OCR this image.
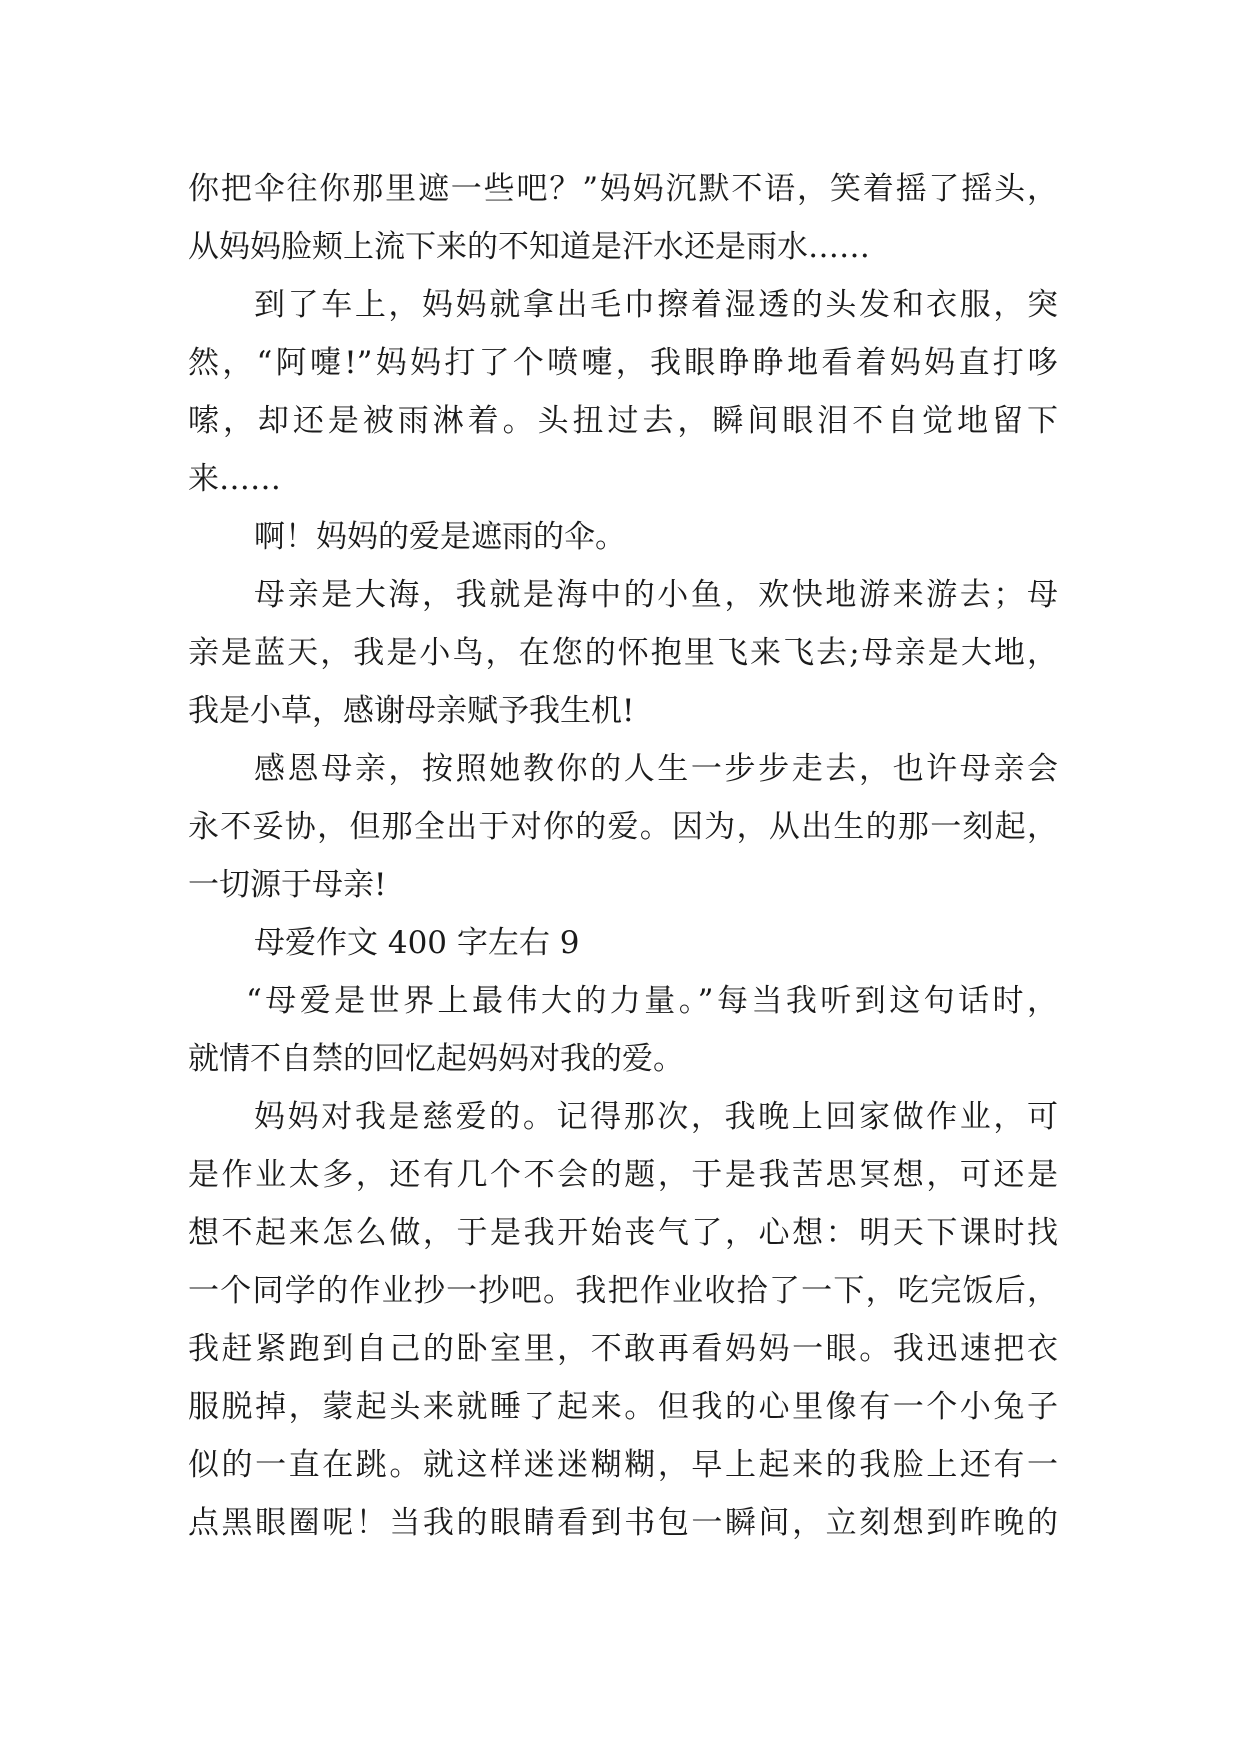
你把伞往你那里遮一些吧？”妈妈沉默不语，笑着摇了摇头，
从妈妈脸颊上流下来的不知道是汗水还是雨水……
到了车上，妈妈就拿出毛巾擦着湿透的头发和衣服，突
然，“阿嚏!”妈妈打了个喷嚏，我眼睁睁地看着妈妈直打哆
嗦，却还是被雨淋着。头扭过去，瞬间眼泪不自觉地留下
来……
啊！妈妈的爱是遮雨的伞。
母亲是大海，我就是海中的小鱼，欢快地游来游去；母
亲是蓝天，我是小鸟，在您的怀抱里飞来飞去;母亲是大地，
我是小草，感谢母亲赋予我生机!
感恩母亲，按照她教你的人生一步步走去，也许母亲会
永不妥协，但那全出于对你的爱。因为，从出生的那一刻起，
一切源于母亲!
母爱作文 400 字左右 9
“母爱是世界上最伟大的力量。”每当我听到这句话时，
就情不自禁的回忆起妈妈对我的爱。
妈妈对我是慈爱的。记得那次，我晚上回家做作业，可
是作业太多，还有几个不会的题，于是我苦思冥想，可还是
想不起来怎么做，于是我开始丧气了，心想：明天下课时找
一个同学的作业抄一抄吧。我把作业收拾了一下，吃完饭后，
我赶紧跑到自己的卧室里，不敢再看妈妈一眼。我迅速把衣
服脱掉，蒙起头来就睡了起来。但我的心里像有一个小兔子
似的一直在跳。就这样迷迷糊糊，早上起来的我脸上还有一
点黑眼圈呢！当我的眼睛看到书包一瞬间，立刻想到昨晚的
